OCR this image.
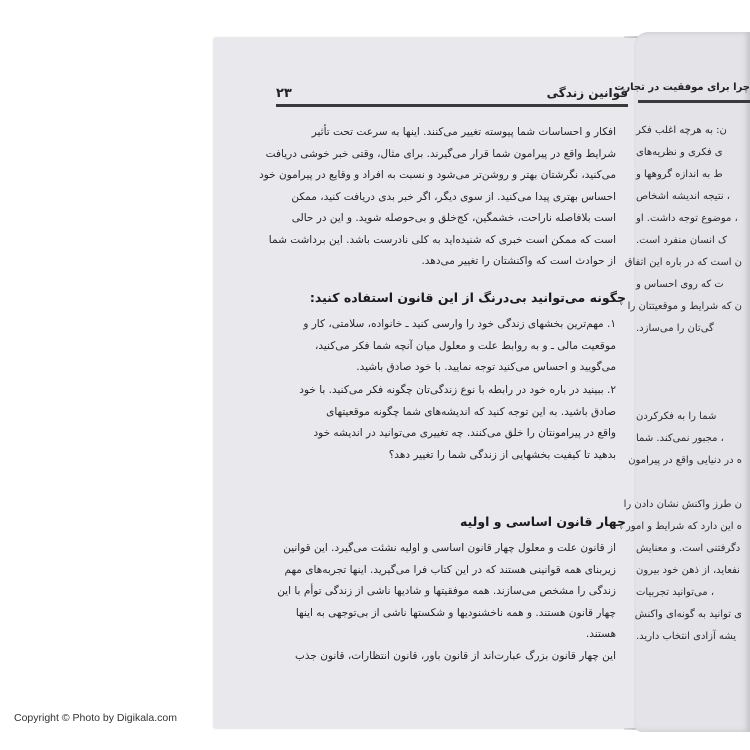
قوانین زندگی
۲۳
افکار و احساسات شما پیوسته تغییر می‌کنند. اینها به سرعت تحت تأثیر
شرایط واقع در پیرامون شما قرار می‌گیرند. برای مثال، وقتی خبر خوشی دریافت
می‌کنید، نگرشتان بهتر و روشن‌تر می‌شود و نسبت به افراد و وقایع در پیرامون خود
احساس بهتری پیدا می‌کنید. از سوی دیگر، اگر خبر بدی دریافت کنید، ممکن
است بلافاصله ناراحت، خشمگین، کج‌خلق و بی‌حوصله شوید. و این در حالی
است که ممکن است خبری که شنیده‌اید به کلی نادرست باشد. این برداشت شما
از حوادث است که واکنشتان را تغییر می‌دهد.
چگونه می‌توانید بی‌درنگ از این قانون استفاده کنید:
۱. مهم‌ترین بخشهای زندگی خود را وارسی کنید ـ خانواده، سلامتی، کار و
موقعیت مالی ـ و به روابط علت و معلول میان آنچه شما فکر می‌کنید،
می‌گویید و احساس می‌کنید توجه نمایید. با خود صادق باشید.
۲. ببینید در باره خود در رابطه با نوع زندگی‌تان چگونه فکر می‌کنید. با خود
صادق باشید. به این توجه کنید که اندیشه‌های شما چگونه موقعیتهای
واقع در پیرامونتان را خلق می‌کنند. چه تغییری می‌توانید در اندیشه خود
بدهید تا کیفیت بخشهایی از زندگی شما را تغییر دهد؟
چهار قانون اساسی و اولیه
از قانون علت و معلول چهار قانون اساسی و اولیه نشئت می‌گیرد. این قوانین
زیربنای همه قوانینی هستند که در این کتاب فرا می‌گیرید. اینها تجربه‌های مهم
زندگی را مشخص می‌سازند. همه موفقیتها و شادیها ناشی از زندگی توأم با این
چهار قانون هستند. و همه ناخشنودیها و شکستها ناشی از بی‌توجهی به اینها
هستند.
این چهار قانون بزرگ عبارت‌اند از قانون باور، قانون انتظارات، قانون جذب
چرا برای موفقیت در تجارت
ن: به هرچه اغلب فکر
ی‌ فکری و نظریه‌های
ط به اندازه گروهها و
، نتیجه اندیشه اشخاص
، موضوع توجه داشت. او
ک انسان منفرد است.
ن است که در باره این اتفاق
ت که روی احساس و
ن که شرایط و موقعیتتان را
گی‌تان را می‌سازد.
شما را به فکرکردن
، مجبور نمی‌کند. شما
ه در دنیایی واقع در پیرامون
ن طرز واکنش نشان دادن را
ه این دارد که شرایط و امور
دگرفتنی است. و معنایش
نفعاید، از ذهن خود بیرون
، می‌توانید تجربیات
ی توانید به گونه‌ای واکنش
یشه آزادی انتخاب دارید.
Copyright © Photo by Digikala.com
